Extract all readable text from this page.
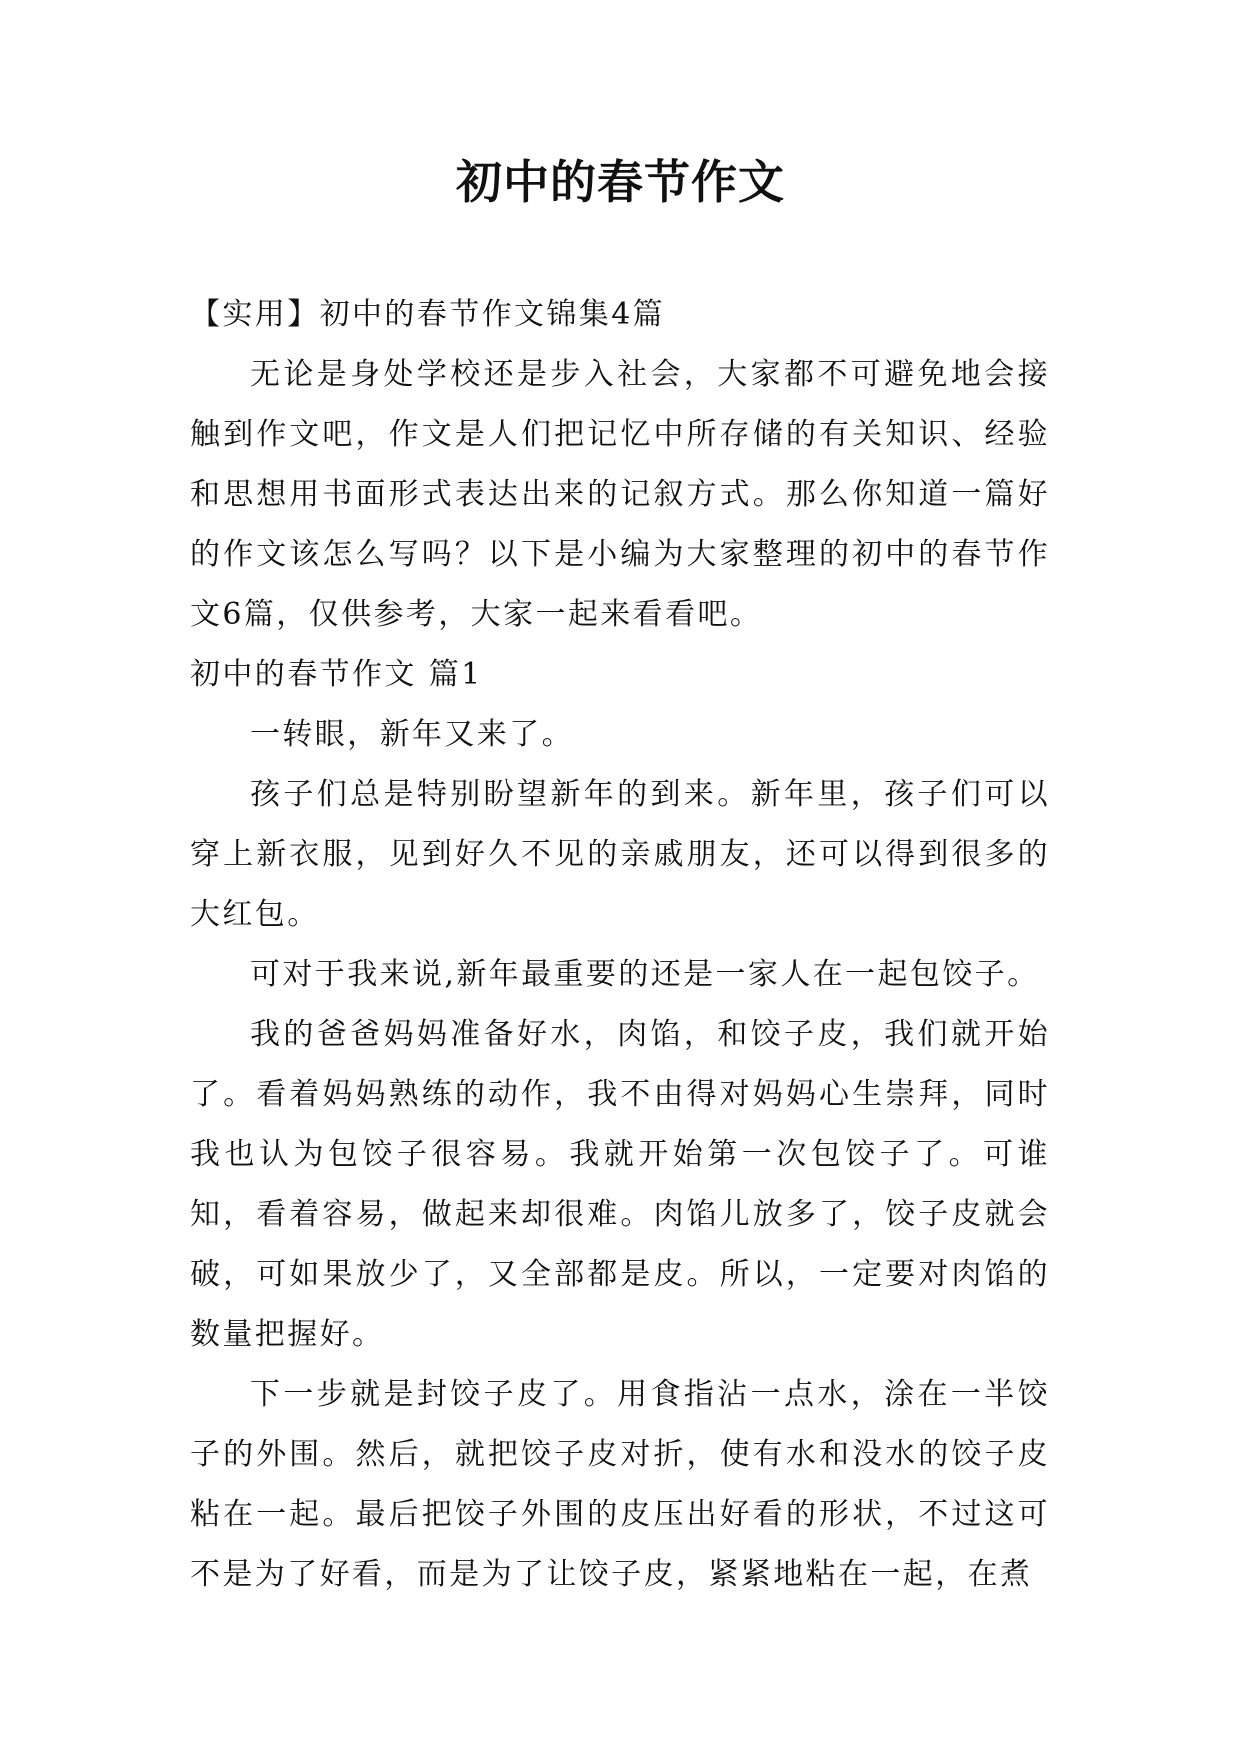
初中的春节作文

【实用】初中的春节作文锦集4篇

无论是身处学校还是步入社会，大家都不可避免地会接触到作文吧，作文是人们把记忆中所存储的有关知识、经验和思想用书面形式表达出来的记叙方式。那么你知道一篇好的作文该怎么写吗？以下是小编为大家整理的初中的春节作文6篇，仅供参考，大家一起来看看吧。

初中的春节作文 篇1

一转眼，新年又来了。

孩子们总是特别盼望新年的到来。新年里，孩子们可以穿上新衣服，见到好久不见的亲戚朋友，还可以得到很多的大红包。

可对于我来说,新年最重要的还是一家人在一起包饺子。

我的爸爸妈妈准备好水，肉馅，和饺子皮，我们就开始了。看着妈妈熟练的动作，我不由得对妈妈心生崇拜，同时我也认为包饺子很容易。我就开始第一次包饺子了。可谁知，看着容易，做起来却很难。肉馅儿放多了，饺子皮就会破，可如果放少了，又全部都是皮。所以，一定要对肉馅的数量把握好。

下一步就是封饺子皮了。用食指沾一点水，涂在一半饺子的外围。然后，就把饺子皮对折，使有水和没水的饺子皮粘在一起。最后把饺子外围的皮压出好看的形状，不过这可不是为了好看，而是为了让饺子皮，紧紧地粘在一起，在煮
